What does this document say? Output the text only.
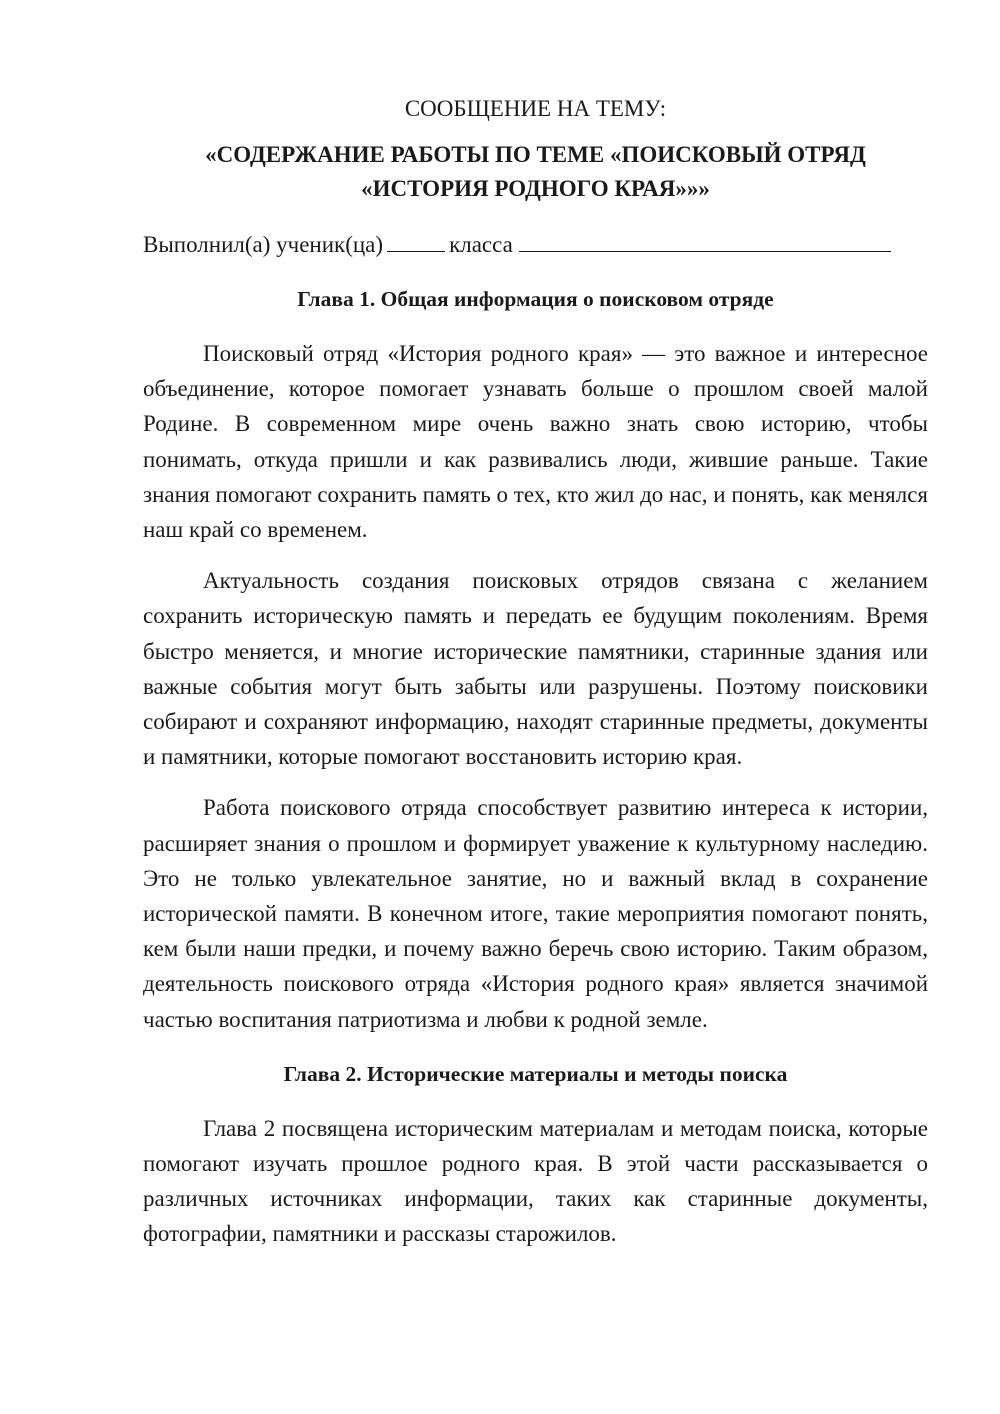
СООБЩЕНИЕ НА ТЕМУ:

«СОДЕРЖАНИЕ РАБОТЫ ПО ТЕМЕ «ПОИСКОВЫЙ ОТРЯД
«ИСТОРИЯ РОДНОГО КРАЯ»»»
Выполнил(а) ученик(ца)	класса
Глава 1. Общая информация о поисковом отряде

Поисковый отряд «История родного края» — это важное и интересное объединение, которое помогает узнавать больше о прошлом своей малой Родине. В современном мире очень важно знать свою историю, чтобы понимать, откуда пришли и как развивались люди, жившие раньше. Такие знания помогают сохранить память о тех, кто жил до нас, и понять, как менялся наш край со временем.

Актуальность создания поисковых отрядов связана с желанием сохранить историческую память и передать ее будущим поколениям. Время быстро меняется, и многие исторические памятники, старинные здания или важные события могут быть забыты или разрушены. Поэтому поисковики собирают и сохраняют информацию, находят старинные предметы, документы и памятники, которые помогают восстановить историю края.

Работа поискового отряда способствует развитию интереса к истории, расширяет знания о прошлом и формирует уважение к культурному наследию. Это не только увлекательное занятие, но и важный вклад в сохранение исторической памяти. В конечном итоге, такие мероприятия помогают понять, кем были наши предки, и почему важно беречь свою историю. Таким образом, деятельность поискового отряда «История родного края» является значимой частью воспитания патриотизма и любви к родной земле.

Глава 2. Исторические материалы и методы поиска

Глава 2 посвящена историческим материалам и методам поиска, которые помогают изучать прошлое родного края. В этой части рассказывается о различных источниках информации, таких как старинные документы, фотографии, памятники и рассказы старожилов.
